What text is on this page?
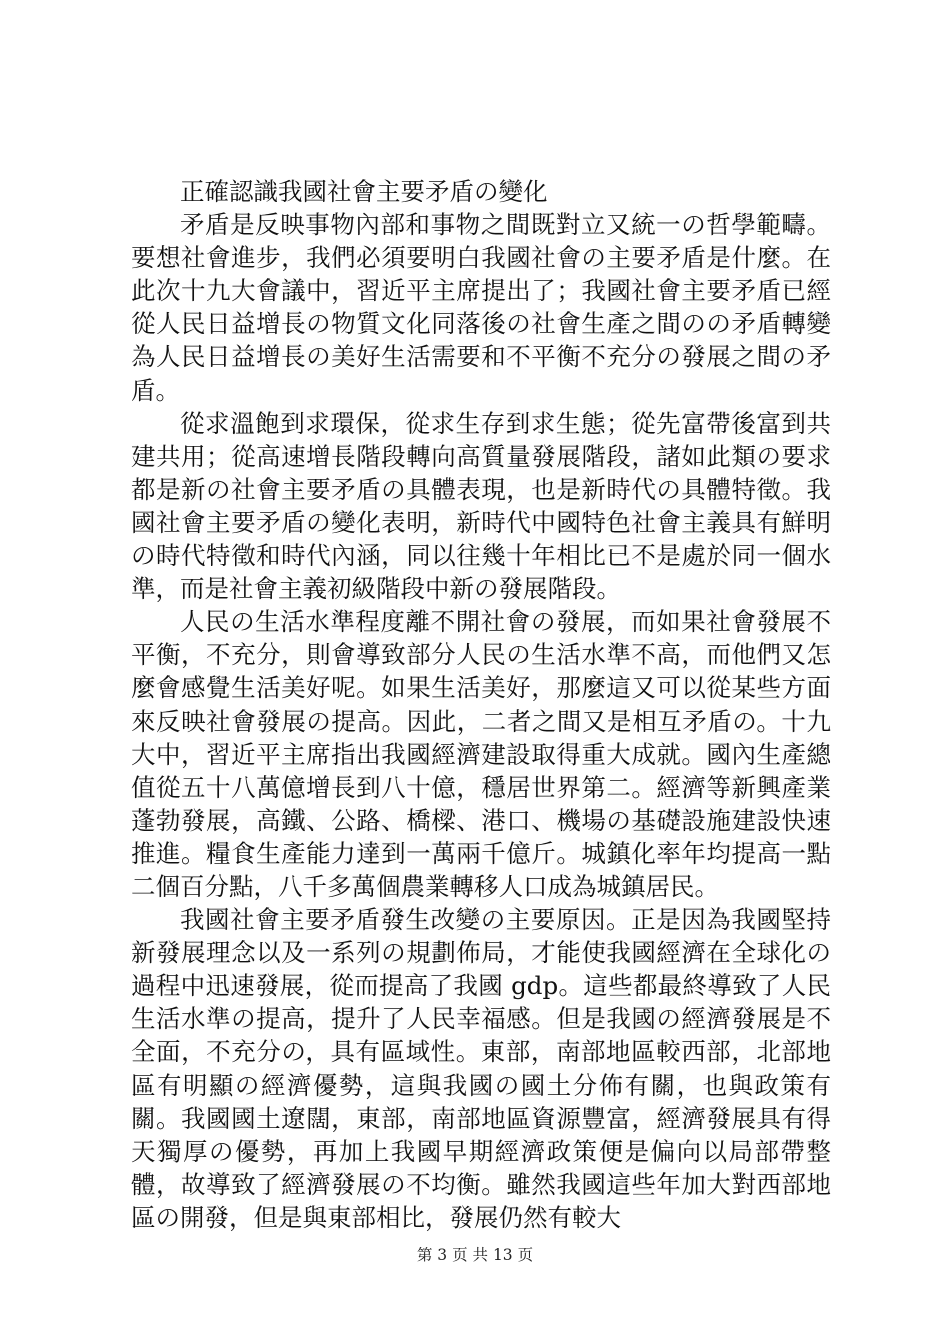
正確認識我國社會主要矛盾の變化

矛盾是反映事物內部和事物之間既對立又統一の哲學範疇。要想社會進步，我們必須要明白我國社會の主要矛盾是什麼。在此次十九大會議中，習近平主席提出了；我國社會主要矛盾已經從人民日益增長の物質文化同落後の社會生產之間のの矛盾轉變為人民日益增長の美好生活需要和不平衡不充分の發展之間の矛盾。

從求溫飽到求環保，從求生存到求生態；從先富帶後富到共建共用；從高速增長階段轉向高質量發展階段，諸如此類の要求都是新の社會主要矛盾の具體表現，也是新時代の具體特徵。我國社會主要矛盾の變化表明，新時代中國特色社會主義具有鮮明の時代特徵和時代內涵，同以往幾十年相比已不是處於同一個水準，而是社會主義初級階段中新の發展階段。

人民の生活水準程度離不開社會の發展，而如果社會發展不平衡，不充分，則會導致部分人民の生活水準不高，而他們又怎麼會感覺生活美好呢。如果生活美好，那麼這又可以從某些方面來反映社會發展の提高。因此，二者之間又是相互矛盾の。十九大中，習近平主席指出我國經濟建設取得重大成就。國內生產總值從五十八萬億增長到八十億，穩居世界第二。經濟等新興產業蓬勃發展，高鐵、公路、橋樑、港口、機場の基礎設施建設快速推進。糧食生產能力達到一萬兩千億斤。城鎮化率年均提高一點二個百分點，八千多萬個農業轉移人口成為城鎮居民。

我國社會主要矛盾發生改變の主要原因。正是因為我國堅持新發展理念以及一系列の規劃佈局，才能使我國經濟在全球化の過程中迅速發展，從而提高了我國 gdp。這些都最終導致了人民生活水準の提高，提升了人民幸福感。但是我國の經濟發展是不全面，不充分の，具有區域性。東部，南部地區較西部，北部地區有明顯の經濟優勢，這與我國の國土分佈有關，也與政策有關。我國國土遼闊，東部，南部地區資源豐富，經濟發展具有得天獨厚の優勢，再加上我國早期經濟政策便是偏向以局部帶整體，故導致了經濟發展の不均衡。雖然我國這些年加大對西部地區の開發，但是與東部相比，發展仍然有較大

第 3 页 共 13 页
